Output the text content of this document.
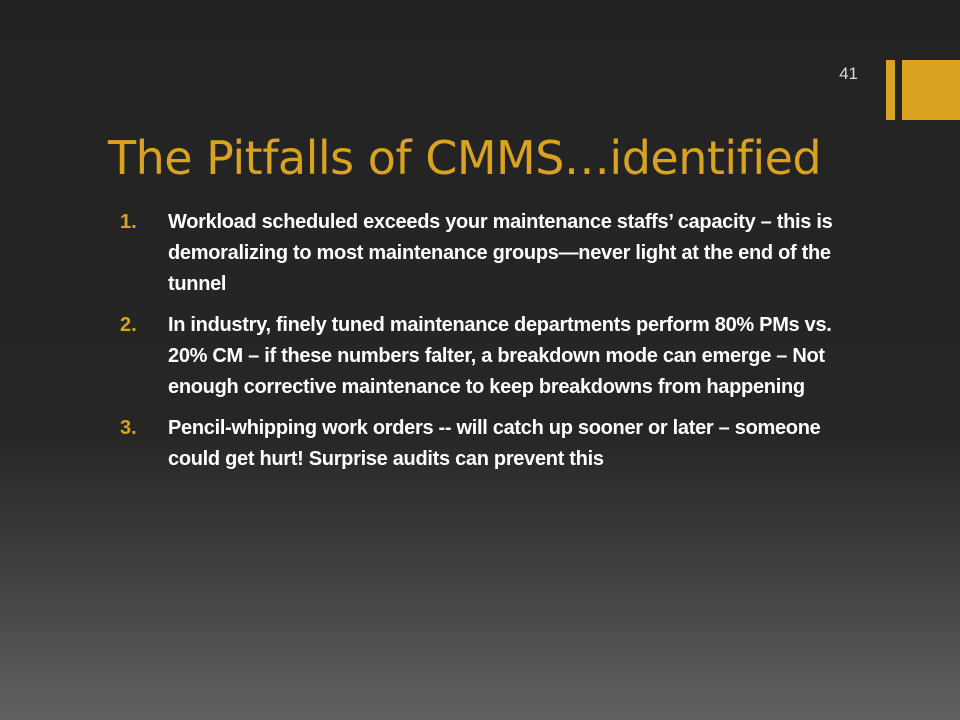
41
The Pitfalls of CMMS…identified
1.	Workload scheduled exceeds your maintenance staffs’ capacity – this is demoralizing to most maintenance groups—never light at the end of the tunnel
2.	In industry, finely tuned maintenance departments perform 80% PMs vs. 20% CM – if these numbers falter, a breakdown mode can emerge – Not enough corrective maintenance to keep breakdowns from happening
3.	Pencil-whipping work orders -- will catch up sooner or later – someone could get hurt! Surprise audits can prevent this
